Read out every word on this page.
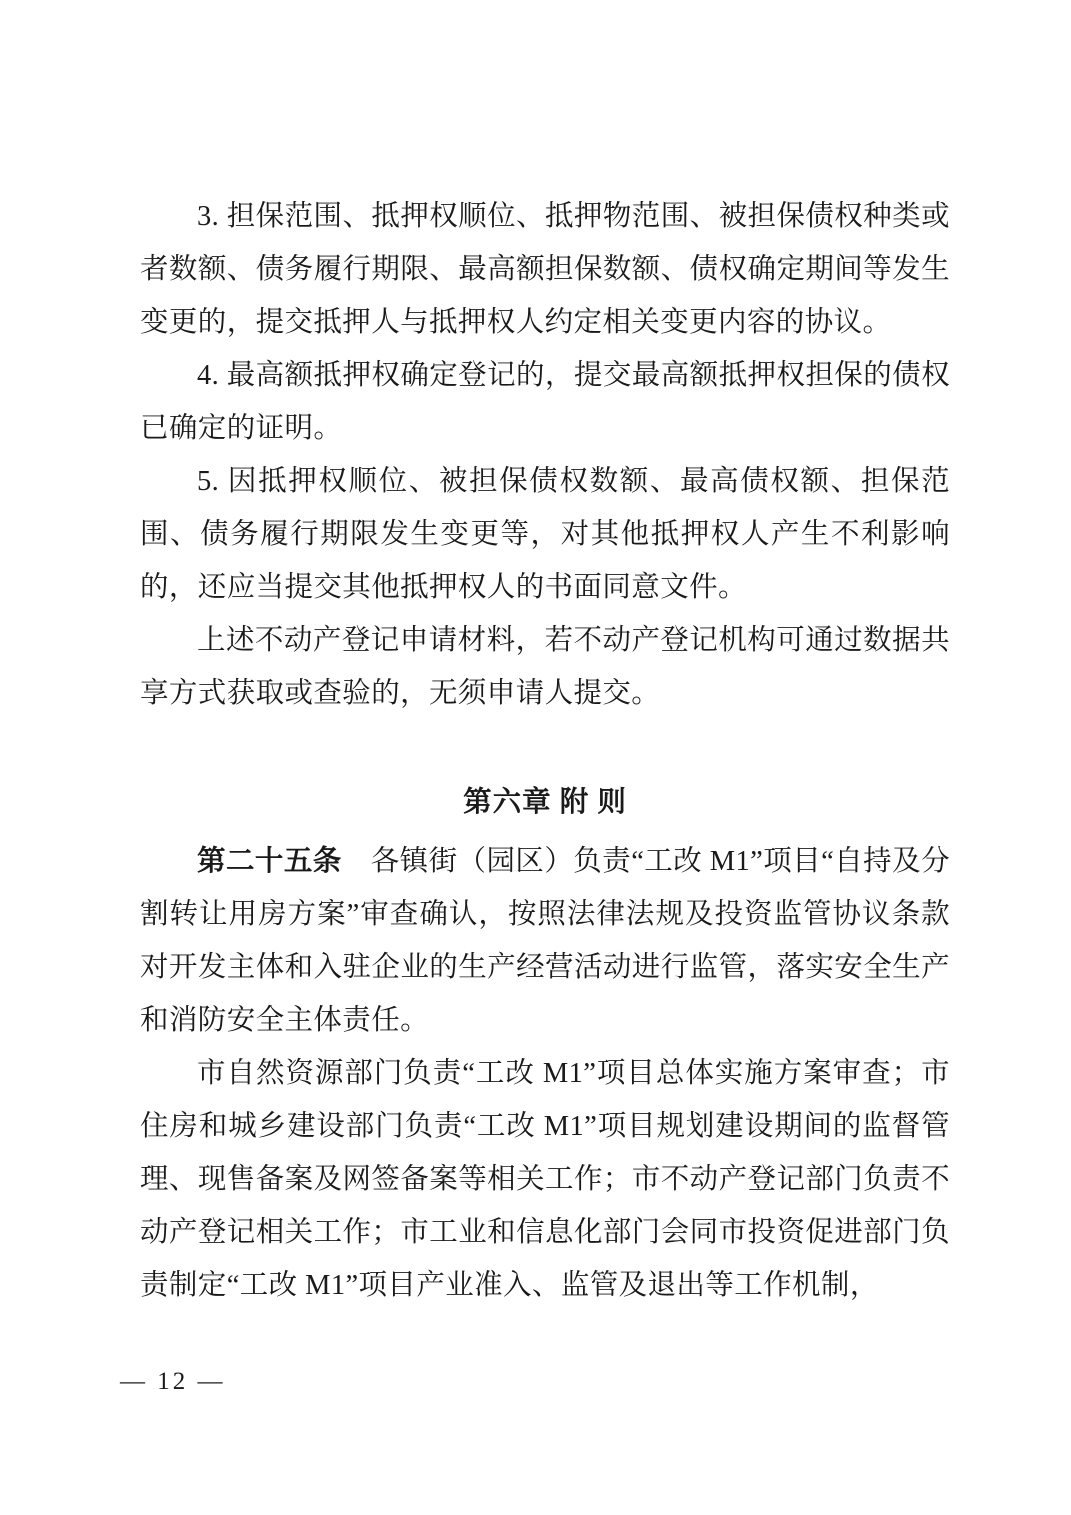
3. 担保范围、抵押权顺位、抵押物范围、被担保债权种类或者数额、债务履行期限、最高额担保数额、债权确定期间等发生变更的，提交抵押人与抵押权人约定相关变更内容的协议。

4. 最高额抵押权确定登记的，提交最高额抵押权担保的债权已确定的证明。

5. 因抵押权顺位、被担保债权数额、最高债权额、担保范围、债务履行期限发生变更等，对其他抵押权人产生不利影响的，还应当提交其他抵押权人的书面同意文件。

上述不动产登记申请材料，若不动产登记机构可通过数据共享方式获取或查验的，无须申请人提交。

第六章 附 则

第二十五条　 各镇街（园区）负责“工改 M1”项目“自持及分割转让用房方案”审查确认，按照法律法规及投资监管协议条款对开发主体和入驻企业的生产经营活动进行监管，落实安全生产和消防安全主体责任。

市自然资源部门负责“工改 M1”项目总体实施方案审查；市住房和城乡建设部门负责“工改 M1”项目规划建设期间的监督管理、现售备案及网签备案等相关工作；市不动产登记部门负责不动产登记相关工作；市工业和信息化部门会同市投资促进部门负责制定“工改 M1”项目产业准入、监管及退出等工作机制，

— 12 —
